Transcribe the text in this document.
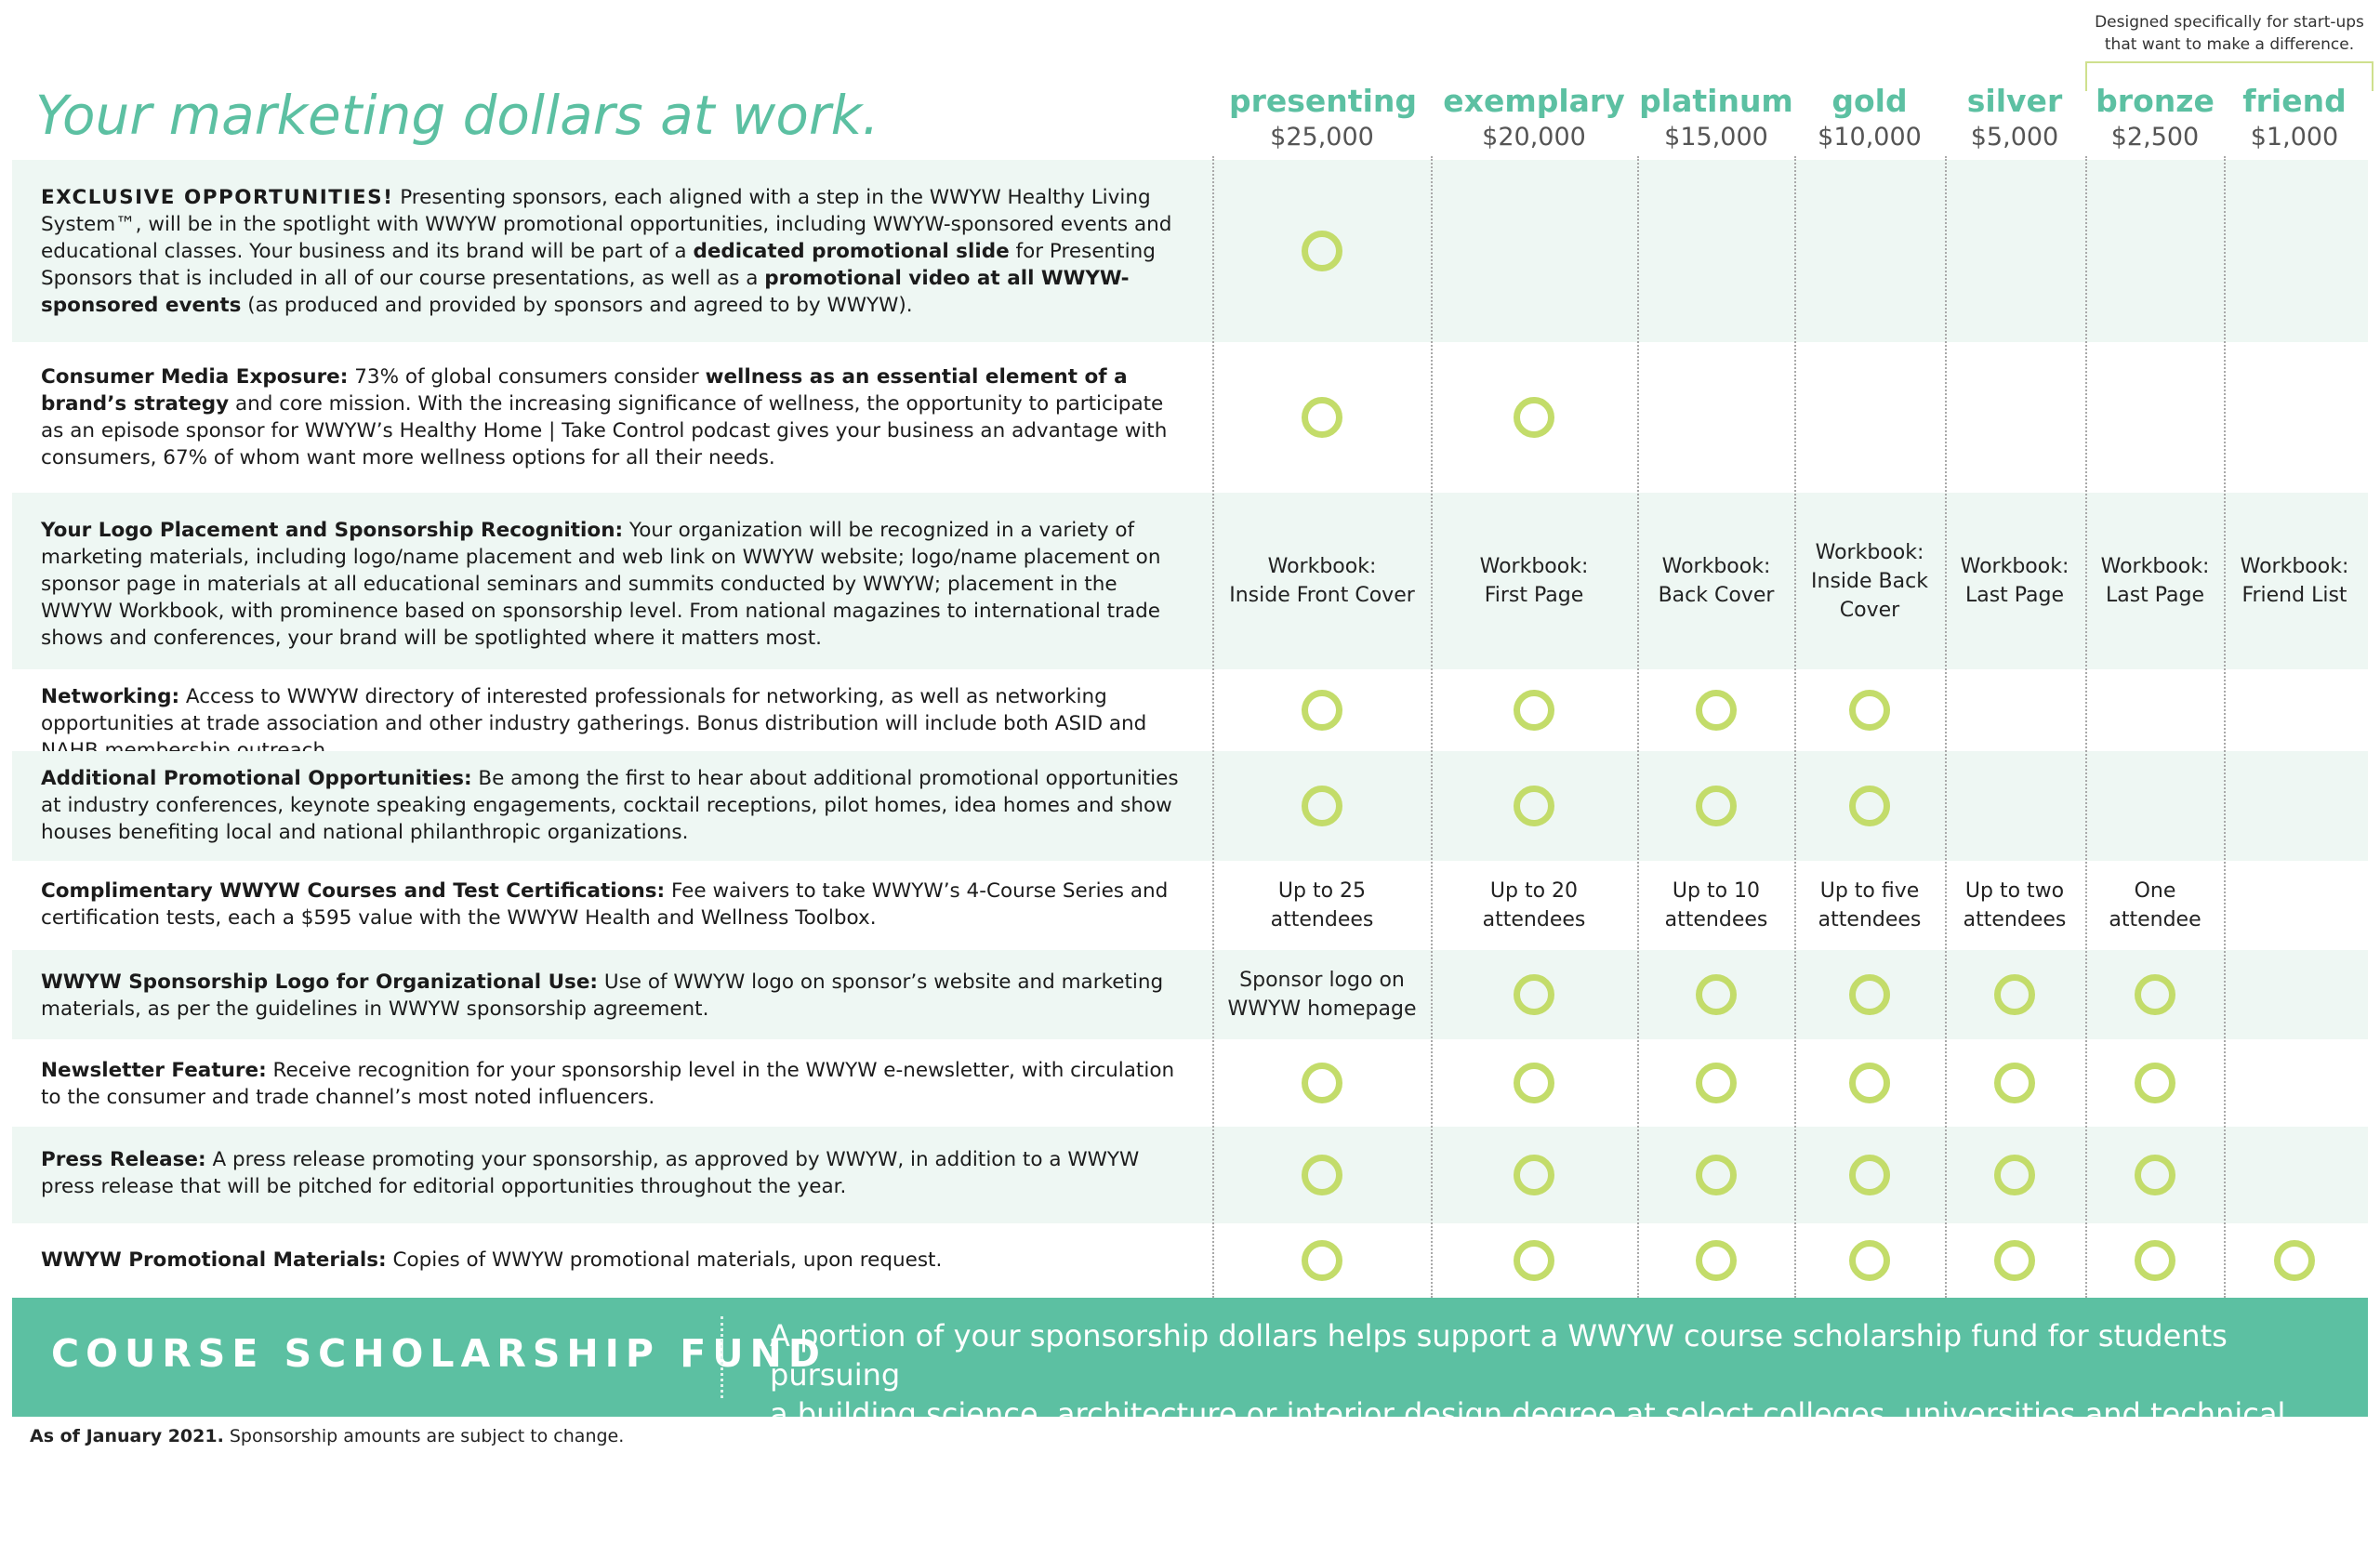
Designed specifically for start-ups
that want to make a difference.
Your marketing dollars at work.	presenting
$25,000
exemplary
$20,000
platinum
$15,000
gold
$10,000
silver
$5,000
bronze
$2,500
friend
$1,000
EXCLUSIVE OPPORTUNITIES! Presenting sponsors, each aligned with a step in the WWYW Healthy Living System™, will be in the spotlight with WWYW promotional opportunities, including WWYW-sponsored events and educational classes. Your business and its brand will be part of a dedicated promotional slide for Presenting Sponsors that is included in all of our course presentations, as well as a promotional video at all WWYW-sponsored events (as produced and provided by sponsors and agreed to by WWYW).
Consumer Media Exposure: 73% of global consumers consider wellness as an essential element of a brand’s strategy and core mission. With the increasing significance of wellness, the opportunity to participate as an episode sponsor for WWYW’s Healthy Home | Take Control podcast gives your business an advantage with consumers, 67% of whom want more wellness options for all their needs.
Your Logo Placement and Sponsorship Recognition: Your organization will be recognized in a variety of marketing materials, including logo/name placement and web link on WWYW website; logo/name placement on sponsor page in materials at all educational seminars and summits conducted by WWYW; placement in the WWYW Workbook, with prominence based on sponsorship level. From national magazines to international trade shows and conferences, your brand will be spotlighted where it matters most.
Workbook:
Inside Front Cover
Workbook:
First Page
Workbook:
Back Cover
Workbook:
Inside Back
Cover
Workbook:
Last Page
Workbook:
Last Page
Workbook:
Friend List
Networking: Access to WWYW directory of interested professionals for networking, as well as networking opportunities at trade association and other industry gatherings. Bonus distribution will include both ASID and
Additional Promotional Opportunities: Be among the first to hear about additional promotional opportunities at industry conferences, keynote speaking engagements, cocktail receptions, pilot homes, idea homes and show houses benefiting local and national philanthropic organizations.
Complimentary WWYW Courses and Test Certifications: Fee waivers to take WWYW’s 4-Course Series and certification tests, each a $595 value with the WWYW Health and Wellness Toolbox.
Up to 25
attendees
Up to 20
attendees
Up to 10
attendees
Up to five
attendees
Up to two
attendees
One
attendee
WWYW Sponsorship Logo for Organizational Use: Use of WWYW logo on sponsor’s website and marketing materials, as per the guidelines in WWYW sponsorship agreement.
Sponsor logo on
WWYW homepage
Newsletter Feature: Receive recognition for your sponsorship level in the WWYW e-newsletter, with circulation to the consumer and trade channel’s most noted influencers.
Press Release: A press release promoting your sponsorship, as approved by WWYW, in addition to a WWYW press release that will be pitched for editorial opportunities throughout the year.
WWYW Promotional Materials: Copies of WWYW promotional materials, upon request.
COURSE SCHOLARSHIP FUND
A portion of your sponsorship dollars helps support a WWYW course scholarship fund for students pursuing
a building science, architecture or interior design degree at select colleges, universities and technical schools.
As of January 2021. Sponsorship amounts are subject to change.
